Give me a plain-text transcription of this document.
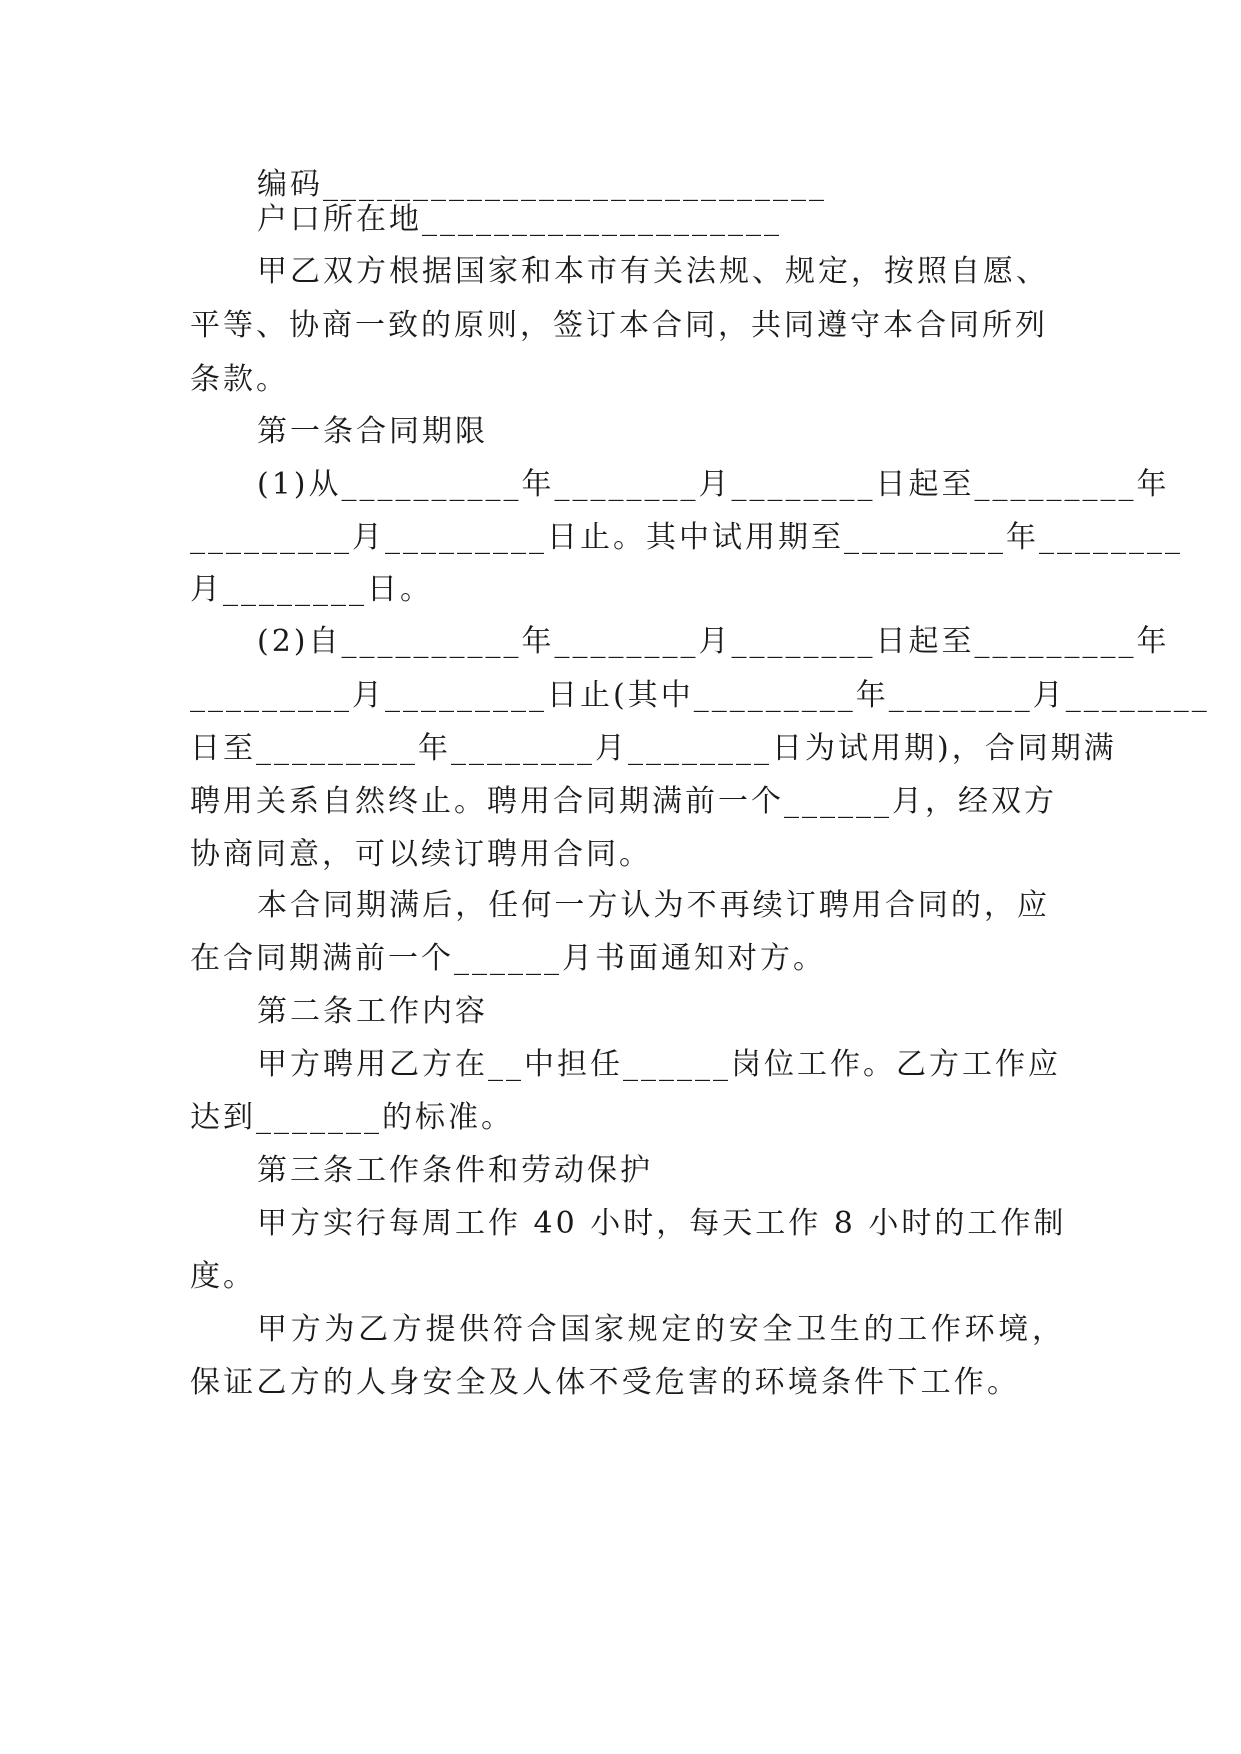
编码____________________________
户口所在地____________________
甲乙双方根据国家和本市有关法规、规定，按照自愿、
平等、协商一致的原则，签订本合同，共同遵守本合同所列
条款。
第一条合同期限
(1)从__________年________月________日起至_________年
_________月_________日止。其中试用期至_________年________
月________日。
(2)自__________年________月________日起至_________年
_________月_________日止(其中_________年________月________
日至_________年________月________日为试用期)，合同期满
聘用关系自然终止。聘用合同期满前一个______月，经双方
协商同意，可以续订聘用合同。
本合同期满后，任何一方认为不再续订聘用合同的，应
在合同期满前一个______月书面通知对方。
第二条工作内容
甲方聘用乙方在__中担任______岗位工作。乙方工作应
达到_______的标准。
第三条工作条件和劳动保护
甲方实行每周工作 40 小时，每天工作 8 小时的工作制
度。
甲方为乙方提供符合国家规定的安全卫生的工作环境，
保证乙方的人身安全及人体不受危害的环境条件下工作。
